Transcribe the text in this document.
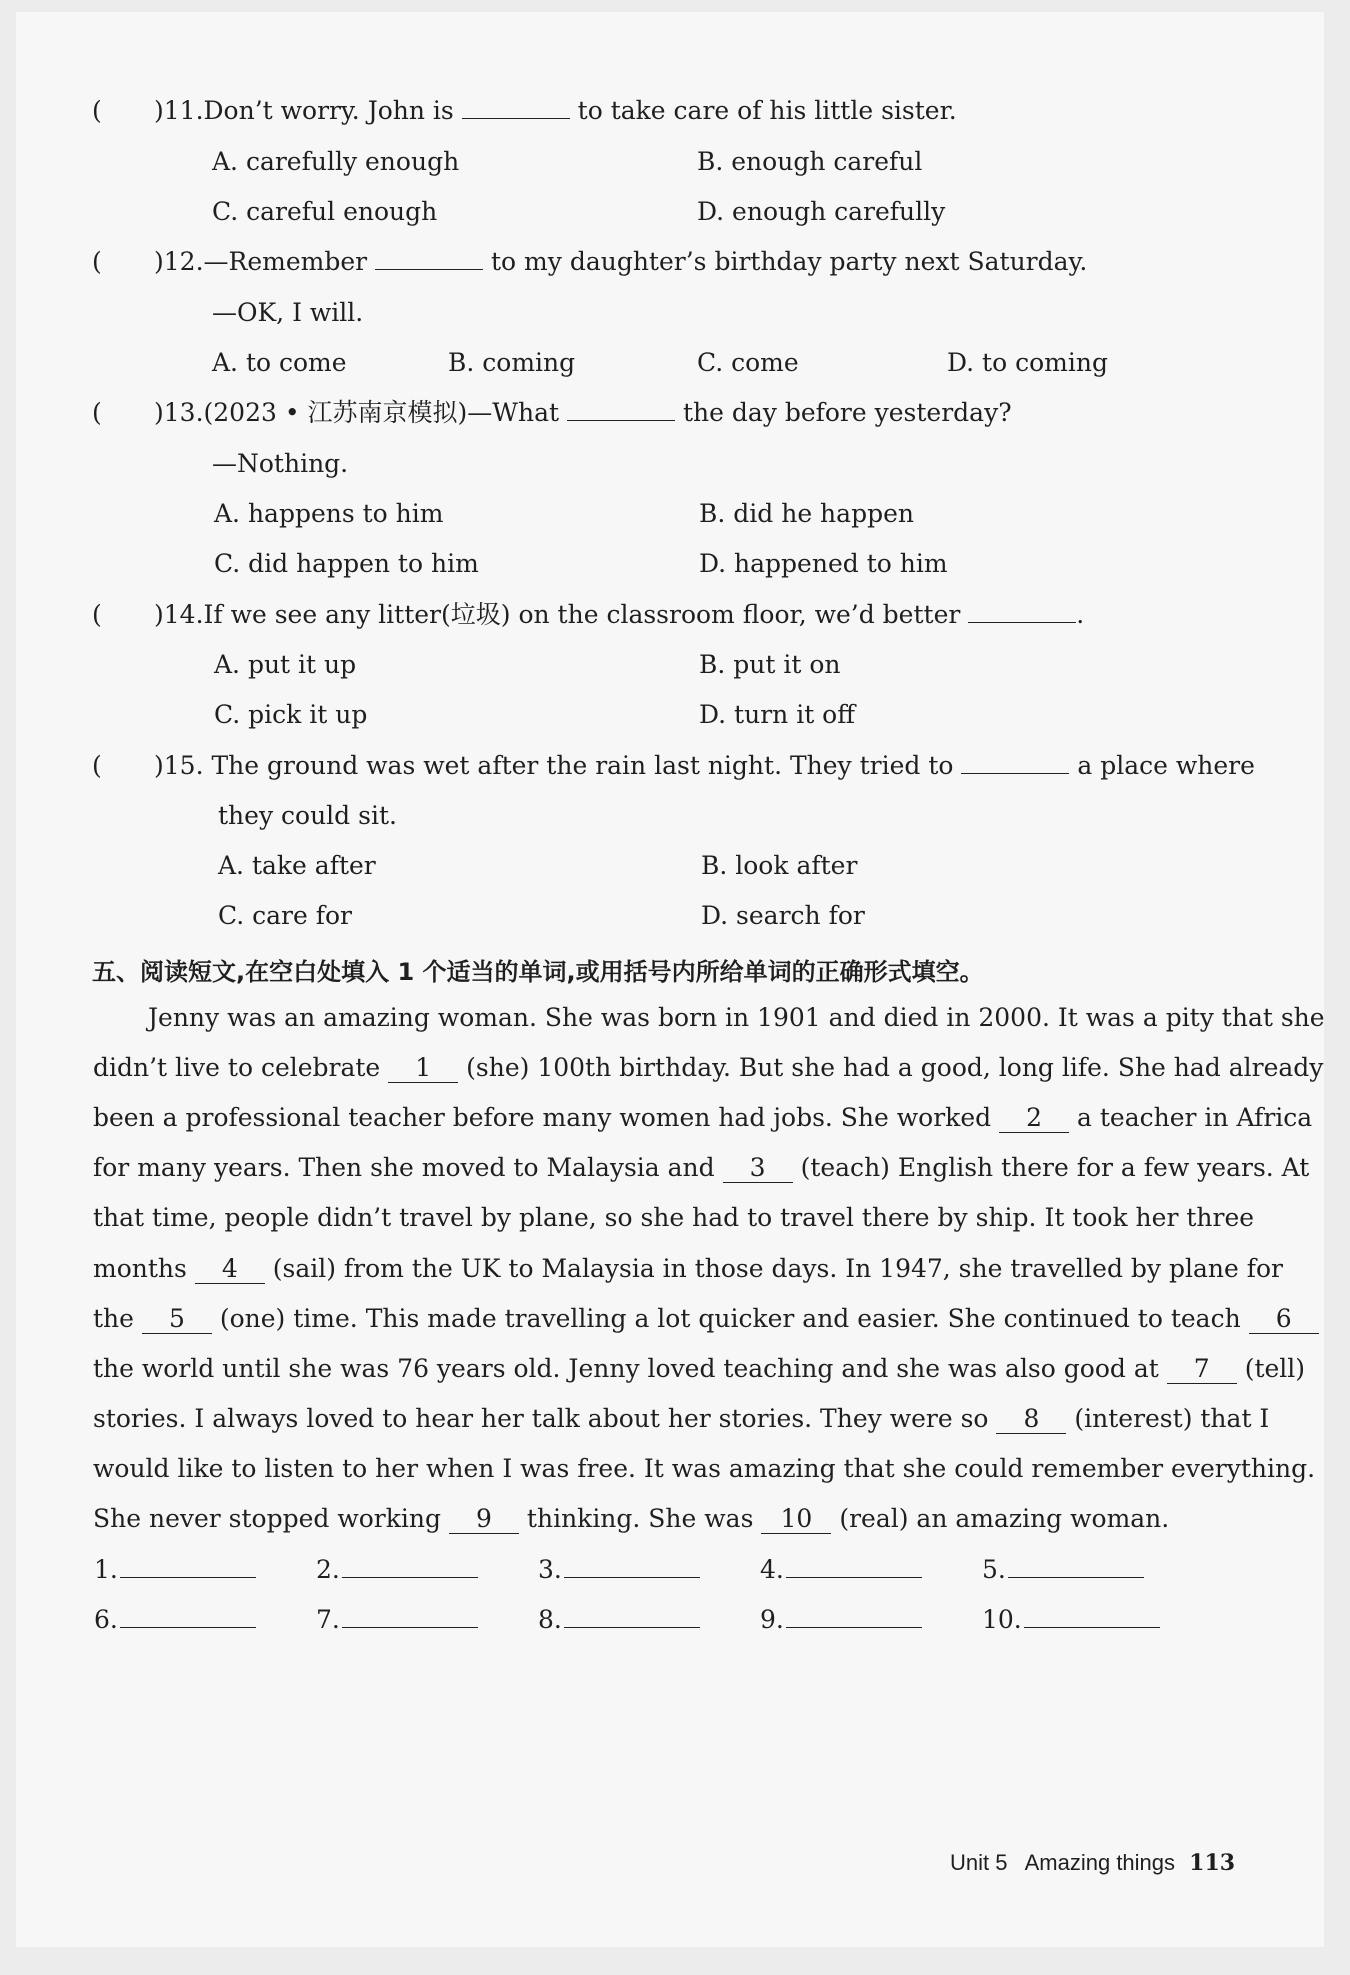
( )11.Don’t worry. John is	to take care of his little sister.
A. carefully enough	B. enough careful
C. careful enough	D. enough carefully
( )12.—Remember	to my daughter’s birthday party next Saturday.
—OK, I will.
A. to come	B. coming	C. come	D. to coming
( )13.(2023 • 江苏南京模拟)—What	the day before yesterday?
—Nothing.
A. happens to him	B. did he happen
C. did happen to him	D. happened to him
( )14.If we see any litter(垃圾) on the classroom floor, we’d better	.
A. put it up	B. put it on
C. pick it up	D. turn it off
( )15. The ground was wet after the rain last night. They tried to	a place where
they could sit.
A. take after	B. look after
C. care for	D. search for
五、阅读短文,在空白处填入 1 个适当的单词,或用括号内所给单词的正确形式填空。
Jenny was an amazing woman. She was born in 1901 and died in 2000. It was a pity that she
didn’t live to celebrate 1 (she) 100th birthday. But she had a good, long life. She had already
been a professional teacher before many women had jobs. She worked 2 a teacher in Africa
for many years. Then she moved to Malaysia and 3 (teach) English there for a few years. At
that time, people didn’t travel by plane, so she had to travel there by ship. It took her three
months 4 (sail) from the UK to Malaysia in those days. In 1947, she travelled by plane for
the 5 (one) time. This made travelling a lot quicker and easier. She continued to teach 6
the world until she was 76 years old. Jenny loved teaching and she was also good at 7 (tell)
stories. I always loved to hear her talk about her stories. They were so 8 (interest) that I
would like to listen to her when I was free. It was amazing that she could remember everything.
She never stopped working 9 thinking. She was 10 (real) an amazing woman.
1.	2.	3.	4.	5.
6.	7.	8.	9.	10.
Unit 5 Amazing things 113
